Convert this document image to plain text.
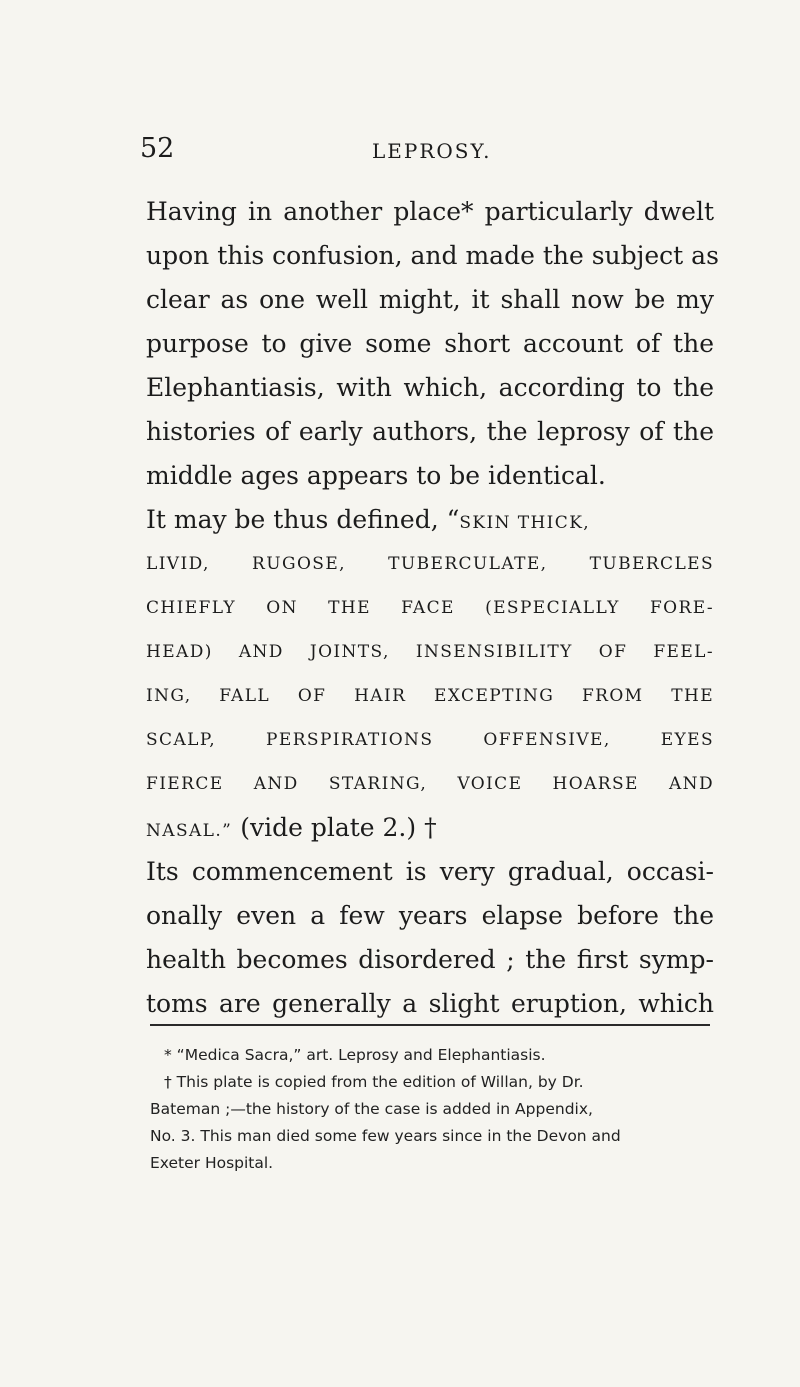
52	LEPROSY.
Having in another place* particularly dwelt
upon this confusion, and made the subject as
clear as one well might, it shall now be my
purpose to give some short account of the
Elephantiasis, with which, according to the
histories of early authors, the leprosy of the
middle ages appears to be identical.
It may be thus defined, “SKIN THICK,
LIVID, RUGOSE, TUBERCULATE, TUBERCLES
CHIEFLY ON THE FACE (ESPECIALLY FORE-
HEAD) AND JOINTS, INSENSIBILITY OF FEEL-
ING, FALL OF HAIR EXCEPTING FROM THE
SCALP, PERSPIRATIONS OFFENSIVE, EYES
FIERCE AND STARING, VOICE HOARSE AND
NASAL.” (vide plate 2.) †
Its commencement is very gradual, occasi-
onally even a few years elapse before the
health becomes disordered ; the first symp-
toms are generally a slight eruption, which
* “Medica Sacra,” art. Leprosy and Elephantiasis.
† This plate is copied from the edition of Willan, by Dr.
Bateman ;—the history of the case is added in Appendix,
No. 3. This man died some few years since in the Devon and
Exeter Hospital.
